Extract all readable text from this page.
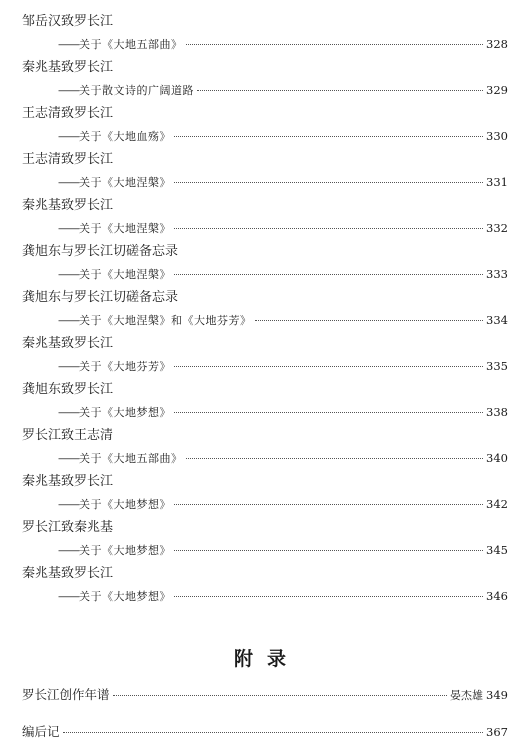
邹岳汉致罗长江
—— 关于《大地五部曲》	328
秦兆基致罗长江
—— 关于散文诗的广阔道路	329
王志清致罗长江
—— 关于《大地血殇》	330
王志清致罗长江
—— 关于《大地涅槃》	331
秦兆基致罗长江
—— 关于《大地涅槃》	332
龚旭东与罗长江切磋备忘录
—— 关于《大地涅槃》	333
龚旭东与罗长江切磋备忘录
—— 关于《大地涅槃》和《大地芬芳》	334
秦兆基致罗长江
—— 关于《大地芬芳》	335
龚旭东致罗长江
—— 关于《大地梦想》	338
罗长江致王志清
—— 关于《大地五部曲》	340
秦兆基致罗长江
—— 关于《大地梦想》	342
罗长江致秦兆基
—— 关于《大地梦想》	345
秦兆基致罗长江
—— 关于《大地梦想》	346
附录
罗长江创作年谱	晏杰雄 349
编后记	367
